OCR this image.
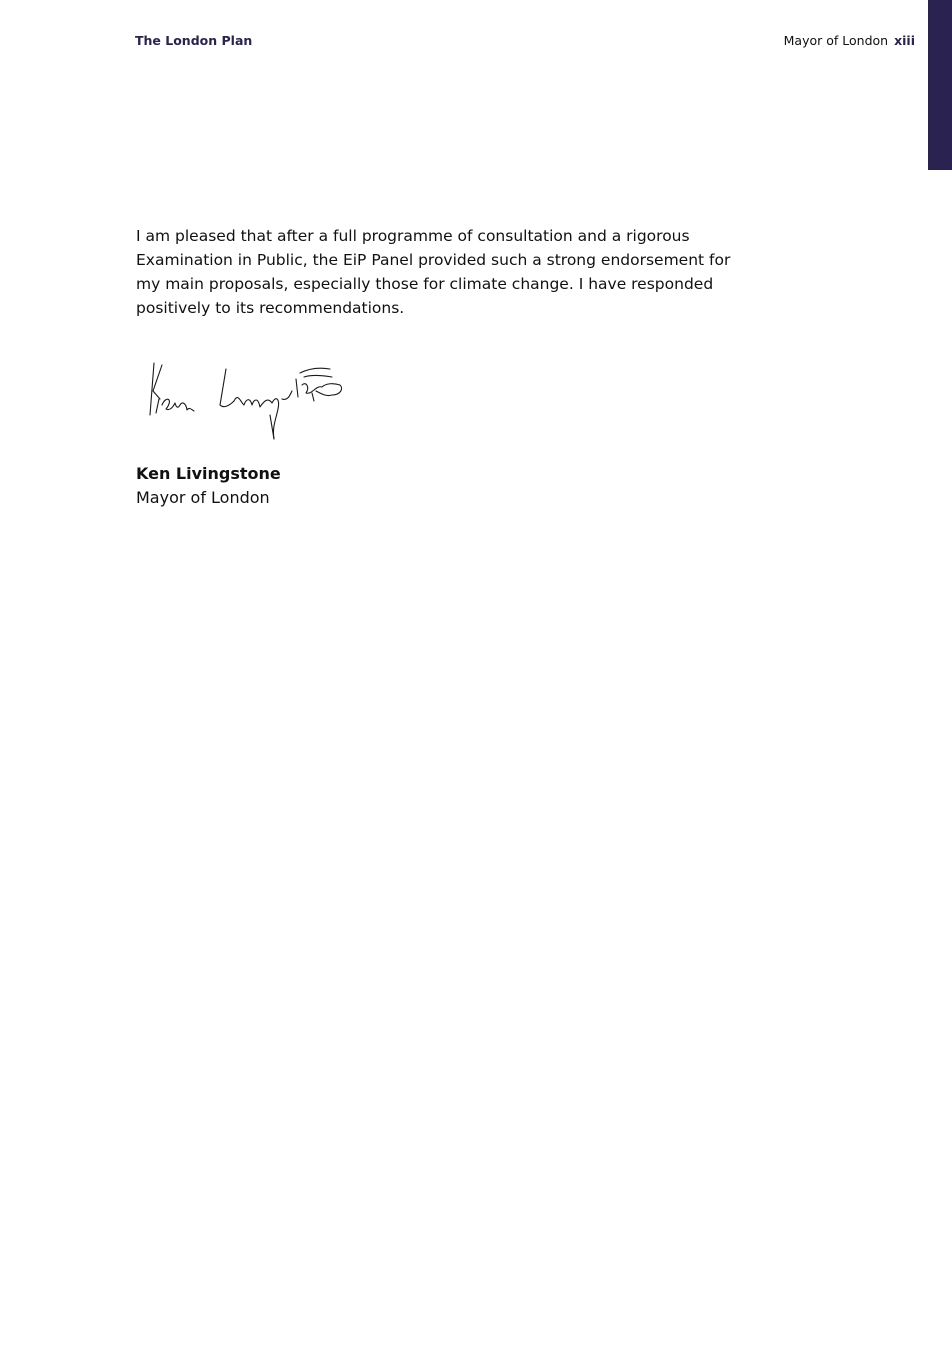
The London Plan	Mayor of London xiii

I am pleased that after a full programme of consultation and a rigorous Examination in Public, the EiP Panel provided such a strong endorsement for my main proposals, especially those for climate change. I have responded positively to its recommendations.

Ken Livingstone
Mayor of London
